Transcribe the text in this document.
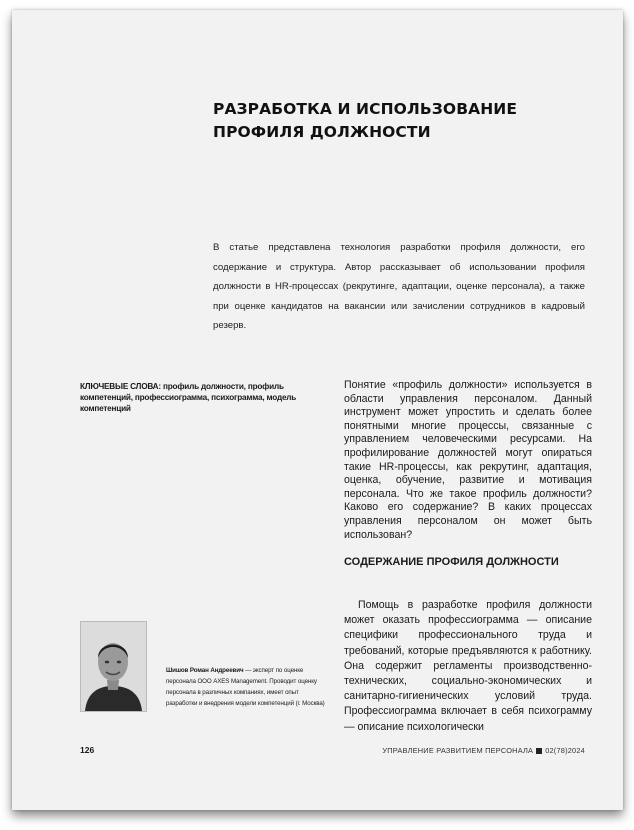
РАЗРАБОТКА И ИСПОЛЬЗОВАНИЕ ПРОФИЛЯ ДОЛЖНОСТИ
В статье представлена технология разработки профиля должности, его содержание и структура. Автор рассказывает об использовании профиля должности в HR-процессах (рекрутинге, адаптации, оценке персонала), а также при оценке кандидатов на вакансии или зачислении сотрудников в кадровый резерв.
КЛЮЧЕВЫЕ СЛОВА: профиль должности, профиль компетенций, профессиограмма, психограмма, модель компетенций
Понятие «профиль должности» используется в области управления персоналом. Данный инструмент может упростить и сделать более понятными многие процессы, связанные с управлением человеческими ресурсами. На профилирование должностей могут опираться такие HR-процессы, как рекрутинг, адаптация, оценка, обучение, развитие и мотивация персонала. Что же такое профиль должности? Каково его содержание? В каких процессах управления персоналом он может быть использован?
СОДЕРЖАНИЕ ПРОФИЛЯ ДОЛЖНОСТИ
Помощь в разработке профиля должности может оказать профессиограмма — описание специфики профессионального труда и требований, которые предъявляются к работнику. Она содержит регламенты производственно-технических, социально-экономических и санитарно-гигиенических условий труда. Профессиограмма включает в себя психограмму — описание психологически
Шишов Роман Андреевич — эксперт по оценке персонала ООО AXES Management. Проводит оценку персонала в различных компаниях, имеет опыт разработки и внедрения модели компетенций (г. Москва)
126	УПРАВЛЕНИЕ РАЗВИТИЕМ ПЕРСОНАЛА 02(78)2024
